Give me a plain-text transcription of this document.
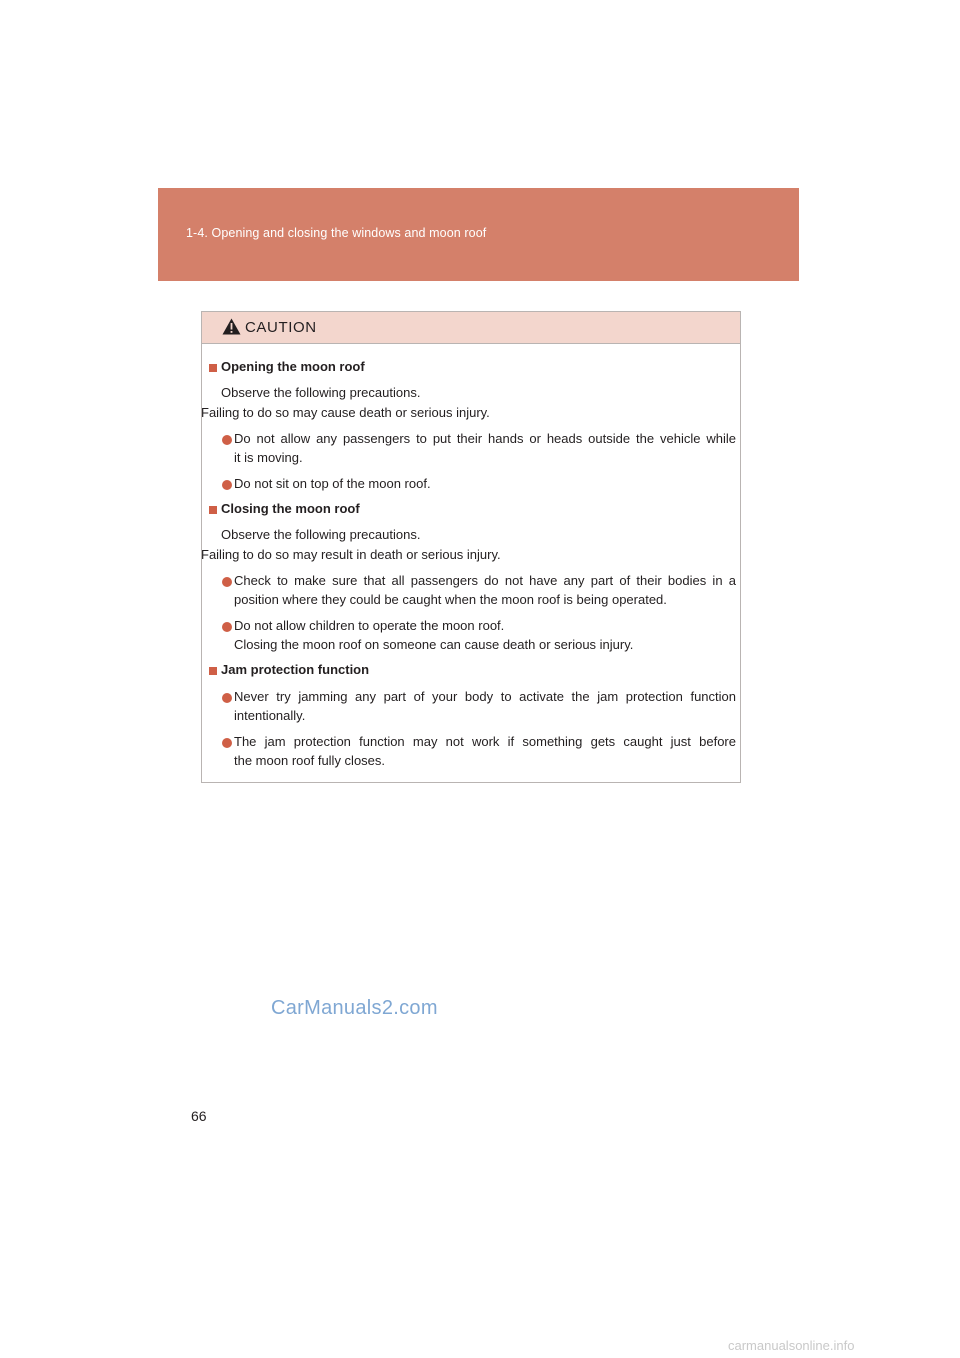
1-4. Opening and closing the windows and moon roof
CAUTION
Opening the moon roof
Observe the following precautions.
Failing to do so may cause death or serious injury.
Do not allow any passengers to put their hands or heads outside the vehicle while
it is moving.
Do not sit on top of the moon roof.
Closing the moon roof
Observe the following precautions.
Failing to do so may result in death or serious injury.
Check to make sure that all passengers do not have any part of their bodies in a
position where they could be caught when the moon roof is being operated.
Do not allow children to operate the moon roof.
Closing the moon roof on someone can cause death or serious injury.
Jam protection function
Never try jamming any part of your body to activate the jam protection function
intentionally.
The jam protection function may not work if something gets caught just before
the moon roof fully closes.
CarManuals2.com
66
carmanualsonline.info
